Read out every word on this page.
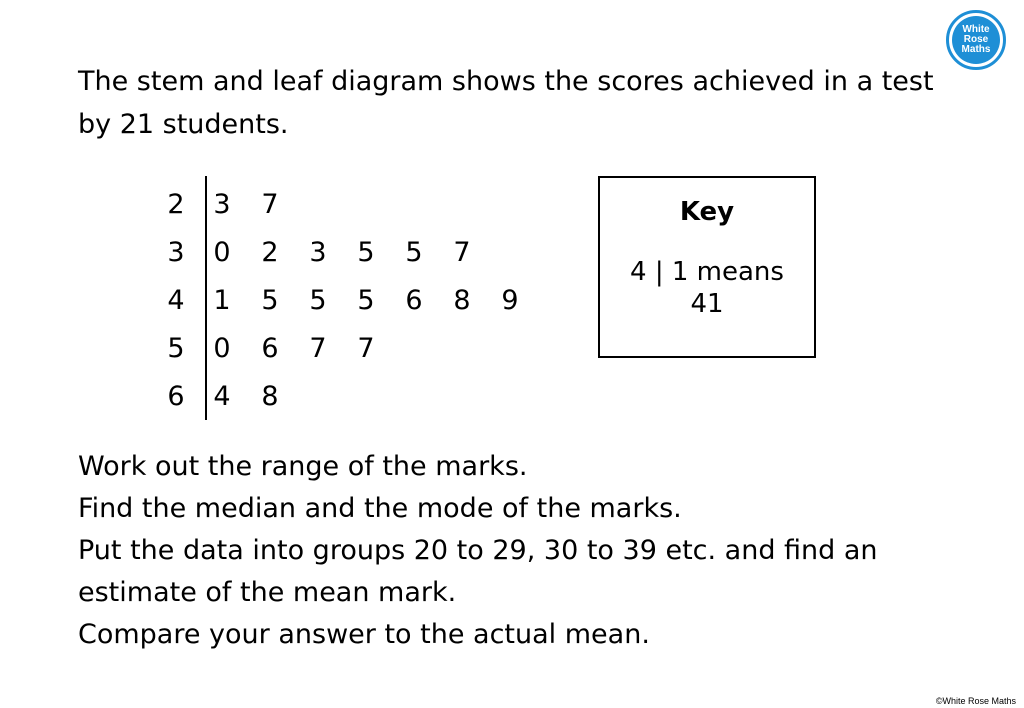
White
Rose
Maths

The stem and leaf diagram shows the scores achieved in a test by 21 students.

2 3 7
3 0 2 3 5 5 7
4 1 5 5 5 6 8 9
5 0 6 7 7
6 4 8
Key
4 | 1 means 41
Work out the range of the marks.
Find the median and the mode of the marks.
Put the data into groups 20 to 29, 30 to 39 etc. and find an estimate of the mean mark.
Compare your answer to the actual mean.
©White Rose Maths
